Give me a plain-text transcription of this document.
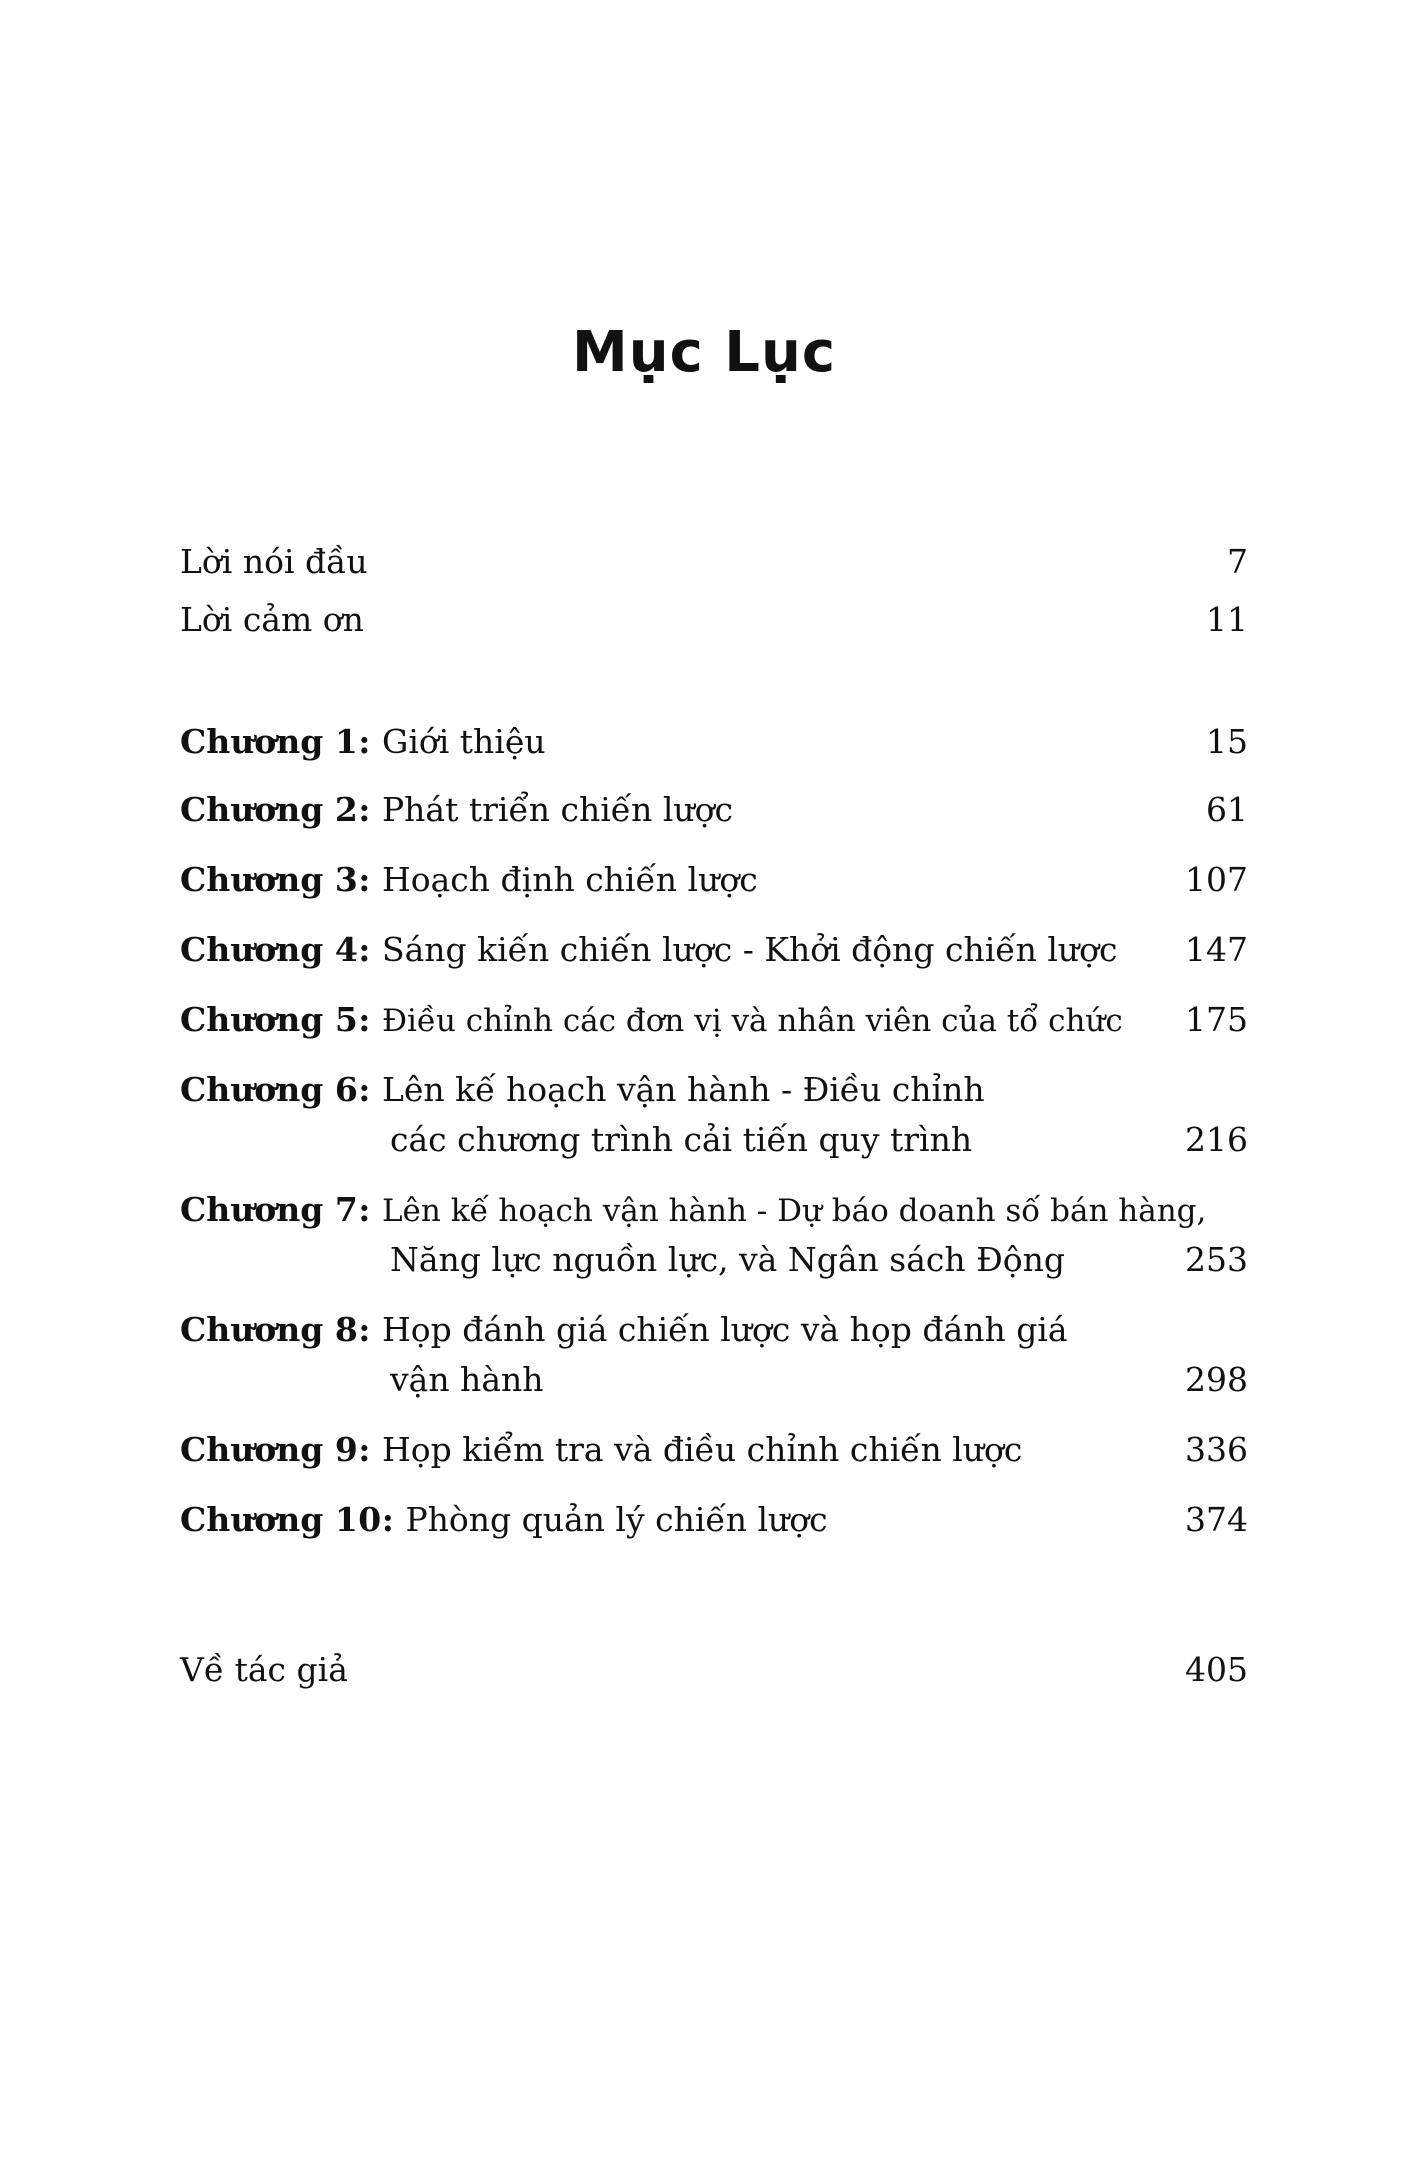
Mục Lục
Lời nói đầu	7
Lời cảm ơn	11
Chương 1: Giới thiệu	15
Chương 2: Phát triển chiến lược	61
Chương 3: Hoạch định chiến lược	107
Chương 4: Sáng kiến chiến lược - Khởi động chiến lược 147
Chương 5: Điều chỉnh các đơn vị và nhân viên của tổ chức 175
Chương 6: Lên kế hoạch vận hành - Điều chỉnh
các chương trình cải tiến quy trình	216
Chương 7: Lên kế hoạch vận hành - Dự báo doanh số bán hàng,
Năng lực nguồn lực, và Ngân sách Động	253
Chương 8: Họp đánh giá chiến lược và họp đánh giá
vận hành	298
Chương 9: Họp kiểm tra và điều chỉnh chiến lược	336
Chương 10: Phòng quản lý chiến lược	374
Về tác giả	405
